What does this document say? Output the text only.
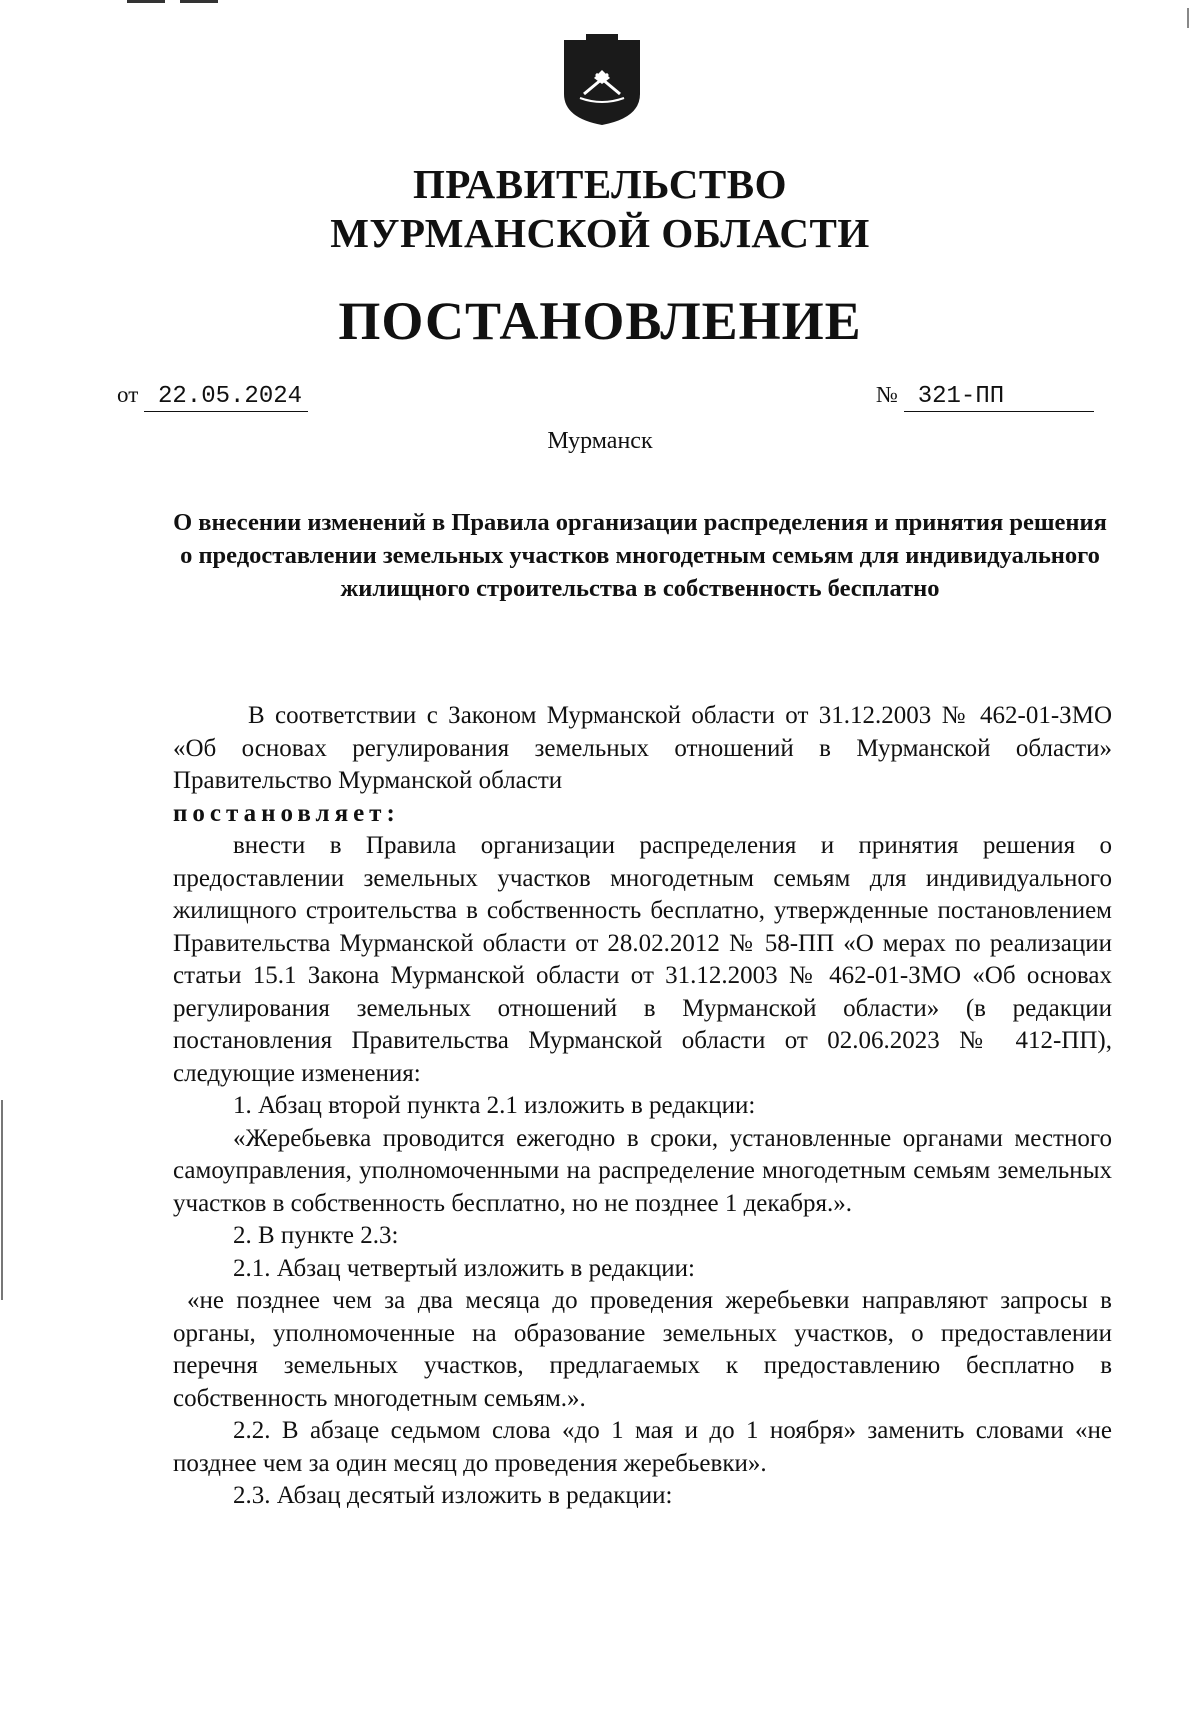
ПРАВИТЕЛЬСТВО
МУРМАНСКОЙ ОБЛАСТИ
ПОСТАНОВЛЕНИЕ
от 22.05.2024	№ 321-ПП
Мурманск
О внесении изменений в Правила организации распределения и принятия решения о предоставлении земельных участков многодетным семьям для индивидуального жилищного строительства в собственность бесплатно

В соответствии с Законом Мурманской области от 31.12.2003 № 462-01-ЗМО «Об основах регулирования земельных отношений в Мурманской области» Правительство Мурманской области

постановляет:

внести в Правила организации распределения и принятия решения о предоставлении земельных участков многодетным семьям для индивидуального жилищного строительства в собственность бесплатно, утвержденные постановлением Правительства Мурманской области от 28.02.2012 № 58-ПП «О мерах по реализации статьи 15.1 Закона Мурманской области от 31.12.2003 № 462-01-ЗМО «Об основах регулирования земельных отношений в Мурманской области» (в редакции постановления Правительства Мурманской области от 02.06.2023 № 412-ПП), следующие изменения:

1. Абзац второй пункта 2.1 изложить в редакции:

«Жеребьевка проводится ежегодно в сроки, установленные органами местного самоуправления, уполномоченными на распределение многодетным семьям земельных участков в собственность бесплатно, но не позднее 1 декабря.».

2. В пункте 2.3:

2.1. Абзац четвертый изложить в редакции:

«не позднее чем за два месяца до проведения жеребьевки направляют запросы в органы, уполномоченные на образование земельных участков, о предоставлении перечня земельных участков, предлагаемых к предоставлению бесплатно в собственность многодетным семьям.».

2.2. В абзаце седьмом слова «до 1 мая и до 1 ноября» заменить словами «не позднее чем за один месяц до проведения жеребьевки».

2.3. Абзац десятый изложить в редакции:
